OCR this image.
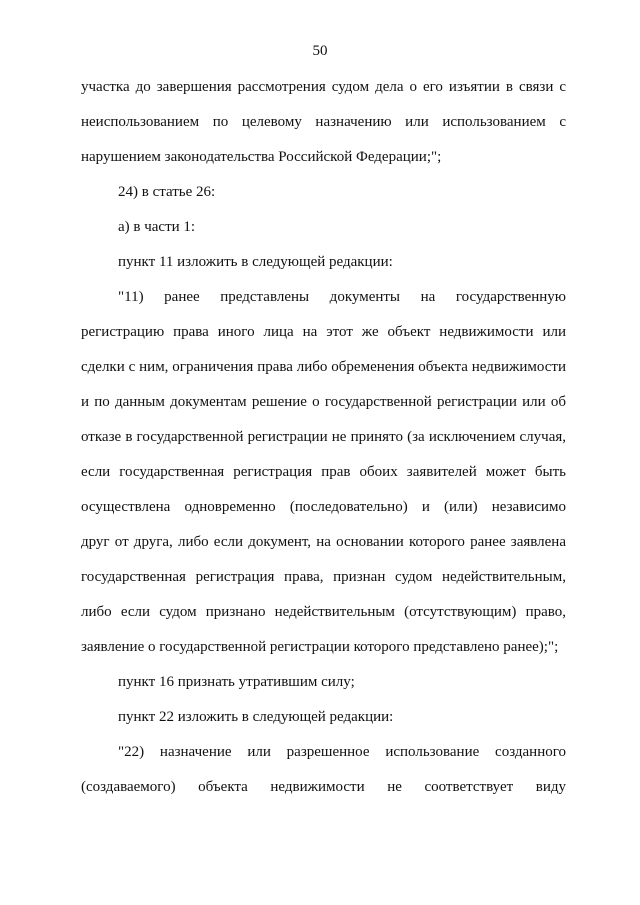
50
участка до завершения рассмотрения судом дела о его изъятии в связи с
неиспользованием по целевому назначению или использованием с
нарушением законодательства Российской Федерации;";
24) в статье 26:
а) в части 1:
пункт 11 изложить в следующей редакции:
"11) ранее представлены документы на государственную
регистрацию права иного лица на этот же объект недвижимости или
сделки с ним, ограничения права либо обременения объекта недвижимости
и по данным документам решение о государственной регистрации или об
отказе в государственной регистрации не принято (за исключением случая,
если государственная регистрация прав обоих заявителей может быть
осуществлена одновременно (последовательно) и (или) независимо
друг от друга, либо если документ, на основании которого ранее заявлена
государственная регистрация права, признан судом недействительным,
либо если судом признано недействительным (отсутствующим) право,
заявление о государственной регистрации которого представлено ранее);";
пункт 16 признать утратившим силу;
пункт 22 изложить в следующей редакции:
"22) назначение или разрешенное использование созданного
(создаваемого) объекта недвижимости не соответствует виду
